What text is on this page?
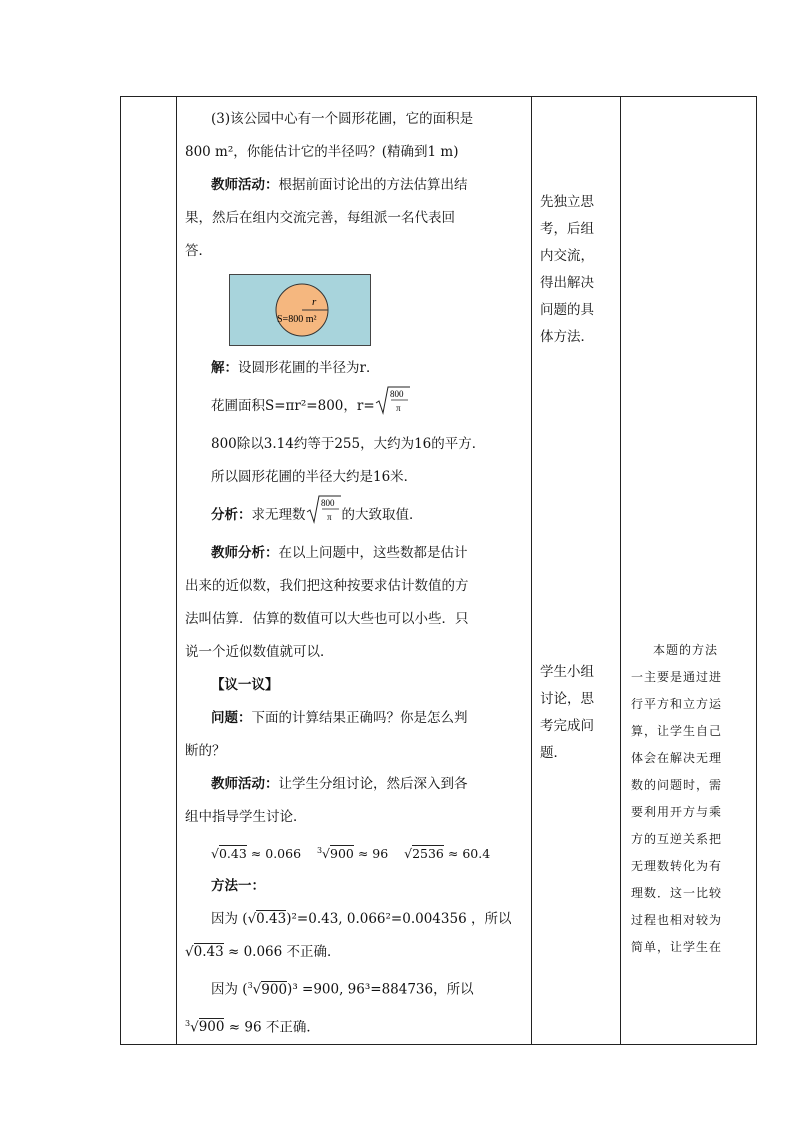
(3)该公园中心有一个圆形花圃，它的面积是
800 m²，你能估计它的半径吗？(精确到1 m)
教师活动：根据前面讨论出的方法估算出结
果，然后在组内交流完善，每组派一名代表回
答．
r
S=800 m²
解：设圆形花圃的半径为r．
花圃面积S=πr²=800，r=
800
π
800除以3.14约等于255，大约为16的平方．
所以圆形花圃的半径大约是16米．
分析：求无理数
800
π 的大致取值．
教师分析：在以上问题中，这些数都是估计
出来的近似数，我们把这种按要求估计数值的方
法叫估算．估算的数值可以大些也可以小些．只
说一个近似数值就可以．
【议一议】
问题：下面的计算结果正确吗？你是怎么判
断的？
教师活动：让学生分组讨论，然后深入到各
组中指导学生讨论．
√0.43 ≈ 0.066 $^3$√900 ≈ 96 √2536 ≈ 60.4
方法一：
因为 (√0.43)²=0.43, 0.066²=0.004356 ，所以
√0.43 ≈ 0.066 不正确．
因为 ($^3$√900)³ =900, 96³=884736，所以
$^3$√900 ≈ 96 不正确．

先独立思
考，后组
内交流，
得出解决
问题的具
体方法．
学生小组
讨论，思
考完成问
题．

本题的方法
一主要是通过进
行平方和立方运
算，让学生自己
体会在解决无理
数的问题时，需
要利用开方与乘
方的互逆关系把
无理数转化为有
理数．这一比较
过程也相对较为
简单，让学生在
